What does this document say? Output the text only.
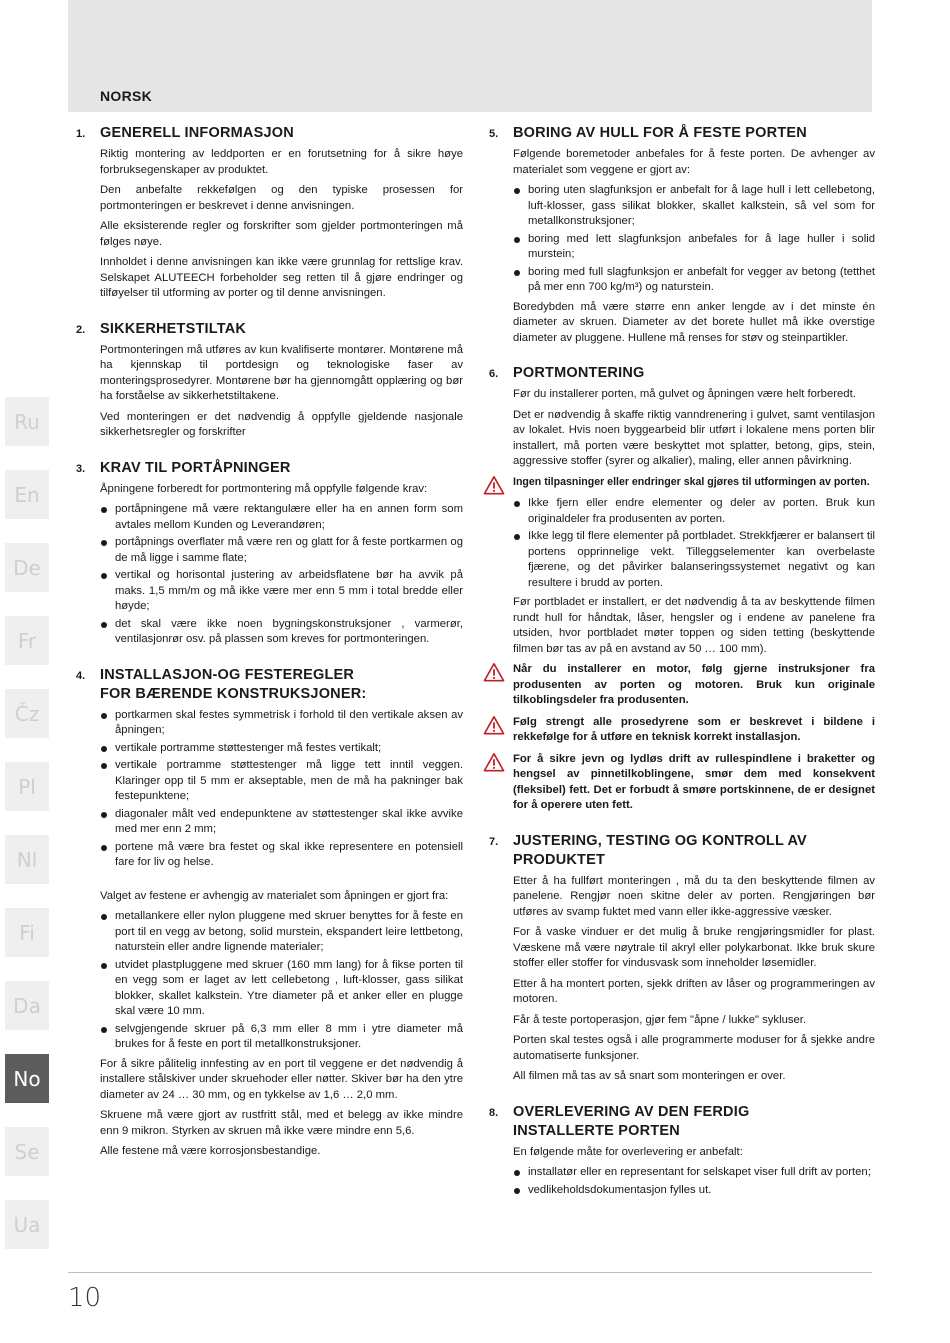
NORSK
Ru
En
De
Fr
Čz
Pl
Nl
Fi
Da
No
Se
Ua
1.	GENERELL INFORMASJON

Riktig montering av leddporten er en forutsetning for å sikre høye forbruksegenskaper av produktet.

Den anbefalte rekkefølgen og den typiske prosessen for portmonteringen er beskrevet i denne anvisningen.

Alle eksisterende regler og forskrifter som gjelder portmonteringen må følges nøye.

Innholdet i denne anvisningen kan ikke være grunnlag for rettslige krav. Selskapet ALUTEECH forbeholder seg retten til å gjøre endringer og tilføyelser til utforming av porter og til denne anvisningen.

2.	SIKKERHETSTILTAK

Portmonteringen må utføres av kun kvalifiserte montører. Montørene må ha kjennskap til portdesign og teknologiske faser av monteringsprosedyrer. Montørene bør ha gjennomgått opplæring og bør ha forståelse av sikkerhetstiltakene.

Ved monteringen er det nødvendig å oppfylle gjeldende nasjonale sikkerhetsregler og forskrifter

3.	KRAV TIL PORTÅPNINGER

Åpningene forberedt for portmontering må oppfylle følgende krav:

portåpningene må være rektangulære eller ha en annen form som avtales mellom Kunden og Leverandøren;
portåpnings overflater må være ren og glatt for å feste portkarmen og de må ligge i samme flate;
vertikal og horisontal justering av arbeidsflatene bør ha avvik på maks. 1,5 mm/m og må ikke være mer enn 5 mm i total bredde eller høyde;
det skal være ikke noen bygningskonstruksjoner , varmerør, ventilasjonrør osv. på plassen som kreves for portmonteringen.
4.	INSTALLASJON-OG FESTEREGLER
FOR BÆRENDE KONSTRUKSJONER:
portkarmen skal festes symmetrisk i forhold til den vertikale aksen av åpningen;
vertikale portramme støttestenger må festes vertikalt;
vertikale portramme støttestenger må ligge tett inntil veggen. Klaringer opp til 5 mm er akseptable, men de må ha pakninger bak festepunktene;
diagonaler målt ved endepunktene av støttestenger skal ikke avvike med mer enn 2 mm;
portene må være bra festet og skal ikke representere en potensiell fare for liv og helse.

Valget av festene er avhengig av materialet som åpningen er gjort fra:

metallankere eller nylon pluggene med skruer benyttes for å feste en port til en vegg av betong, solid murstein, ekspandert leire lettbetong, naturstein eller andre lignende materialer;
utvidet plastpluggene med skruer (160 mm lang) for å fikse porten til en vegg som er laget av lett cellebetong , luft-klosser, gass silikat blokker, skallet kalkstein. Ytre diameter på et anker eller en plugge skal være 10 mm.
selvgjengende skruer på 6,3 mm eller 8 mm i ytre diameter må brukes for å feste en port til metallkonstruksjoner.

For å sikre pålitelig innfesting av en port til veggene er det nødvendig å installere stålskiver under skruehoder eller nøtter. Skiver bør ha den ytre diameter av 24 … 30 mm, og en tykkelse av 1,6 … 2,0 mm.

Skruene må være gjort av rustfritt stål, med et belegg av ikke mindre enn 9 mikron. Styrken av skruen må ikke være mindre enn 5,6.

Alle festene må være korrosjonsbestandige.

5.	BORING AV HULL FOR Å FESTE PORTEN

Følgende boremetoder anbefales for å feste porten. De avhenger av materialet som veggene er gjort av:

boring uten slagfunksjon er anbefalt for å lage hull i lett cellebetong, luft-klosser, gass silikat blokker, skallet kalkstein, så vel som for metallkonstruksjoner;
boring med lett slagfunksjon anbefales for å lage huller i solid murstein;
boring med full slagfunksjon er anbefalt for vegger av betong (tetthet på mer enn 700 kg/m³) og naturstein.

Boredybden må være større enn anker lengde av i det minste én diameter av skruen. Diameter av det borete hullet må ikke overstige diameter av pluggene. Hullene må renses for støv og steinpartikler.

6.	PORTMONTERING

Før du installerer porten, må gulvet og åpningen være helt forberedt.

Det er nødvendig å skaffe riktig vanndrenering i gulvet, samt ventilasjon av lokalet. Hvis noen byggearbeid blir utført i lokalene mens porten blir installert, må porten være beskyttet mot splatter, betong, gips, stein, aggressive stoffer (syrer og alkalier), maling, eller annen påvirkning.

Ingen tilpasninger eller endringer skal gjøres til utformingen av porten.

Ikke fjern eller endre elementer og deler av porten. Bruk kun originaldeler fra produsenten av porten.
Ikke legg til flere elementer på portbladet. Strekkfjærer er balansert til portens opprinnelige vekt. Tilleggselementer kan overbelaste fjærene, og det påvirker balanseringssystemet negativt og kan resultere i brudd av porten.

Før portbladet er installert, er det nødvendig å ta av beskyttende filmen rundt hull for håndtak, låser, hengsler og i endene av panelene fra utsiden, hvor portbladet møter toppen og siden tetting (beskyttende filmen bør tas av på en avstand av 50 … 100 mm).

Når du installerer en motor, følg gjerne instruksjoner fra produsenten av porten og motoren. Bruk kun originale tilkoblingsdeler fra produsenten.

Følg strengt alle prosedyrene som er beskrevet i bildene i rekkefølge for å utføre en teknisk korrekt installasjon.

For å sikre jevn og lydløs drift av rullespindlene i braketter og hengsel av pinnetilkoblingene, smør dem med konsekvent (fleksibel) fett. Det er forbudt å smøre portskinnene, de er designet for å operere uten fett.

7.	JUSTERING, TESTING OG KONTROLL AV PRODUKTET

Etter å ha fullført monteringen , må du ta den beskyttende filmen av panelene. Rengjør noen skitne deler av porten. Rengjøringen bør utføres av svamp fuktet med vann eller ikke-aggressive væsker.

For å vaske vinduer er det mulig å bruke rengjøringsmidler for plast. Væskene må være nøytrale til akryl eller polykarbonat. Ikke bruk skure stoffer eller stoffer for vindusvask som inneholder løsemidler.

Etter å ha montert porten, sjekk driften av låser og programmeringen av motoren.

Får å teste portoperasjon, gjør fem "åpne / lukke" sykluser.

Porten skal testes også i alle programmerte moduser for å sjekke andre automatiserte funksjoner.

All filmen må tas av så snart som monteringen er over.

8.	OVERLEVERING AV DEN FERDIG
INSTALLERTE PORTEN

En følgende måte for overlevering er anbefalt:

installatør eller en representant for selskapet viser full drift av porten;
vedlikeholdsdokumentasjon fylles ut.
10
